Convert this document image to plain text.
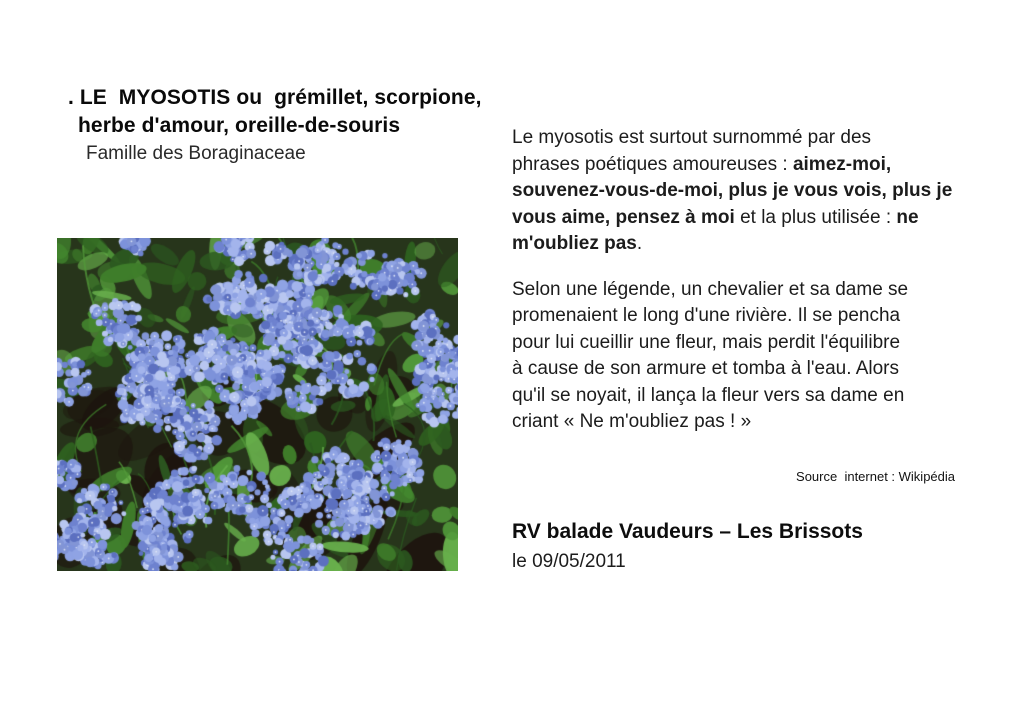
. LE  MYOSOTIS ou  grémillet, scorpione,
herbe d'amour, oreille-de-souris
Famille des Boraginaceae
Le myosotis est surtout surnommé par des
phrases poétiques amoureuses : aimez-moi,
souvenez-vous-de-moi, plus je vous vois, plus je
vous aime, pensez à moi et la plus utilisée : ne
m'oubliez pas.
Selon une légende, un chevalier et sa dame se
promenaient le long d'une rivière. Il se pencha
pour lui cueillir une fleur, mais perdit l'équilibre
à cause de son armure et tomba à l'eau. Alors
qu'il se noyait, il lança la fleur vers sa dame en
criant « Ne m'oubliez pas ! »
Source  internet : Wikipédia
RV balade Vaudeurs – Les Brissots
le 09/05/2011
